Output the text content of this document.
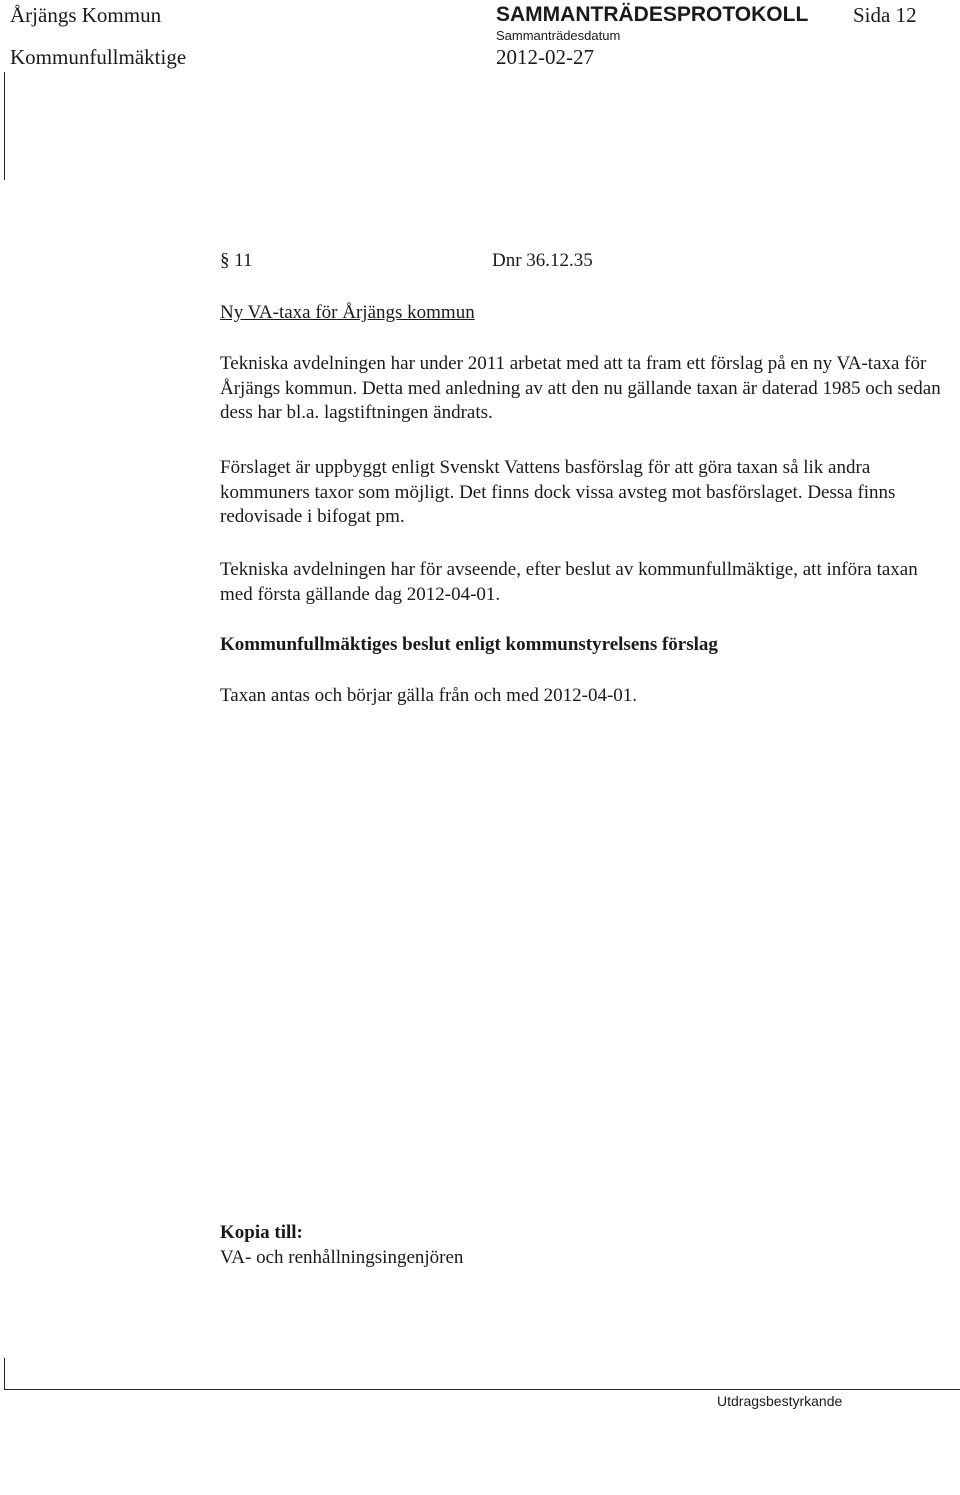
Årjängs Kommun	SAMMANTRÄDESPROTOKOLL Sida 12
Sammanträdesdatum
Kommunfullmäktige	2012-02-27
§ 11	Dnr 36.12.35
Ny VA-taxa för Årjängs kommun

Tekniska avdelningen har under 2011 arbetat med att ta fram ett förslag på en ny VA-taxa för Årjängs kommun. Detta med anledning av att den nu gällande taxan är daterad 1985 och sedan dess har bl.a. lagstiftningen ändrats.

Förslaget är uppbyggt enligt Svenskt Vattens basförslag för att göra taxan så lik andra kommuners taxor som möjligt. Det finns dock vissa avsteg mot basförslaget. Dessa finns redovisade i bifogat pm.

Tekniska avdelningen har för avseende, efter beslut av kommunfullmäktige, att införa taxan med första gällande dag 2012-04-01.

Kommunfullmäktiges beslut enligt kommunstyrelsens förslag
Taxan antas och börjar gälla från och med 2012-04-01.
Kopia till:
VA- och renhållningsingenjören
Utdragsbestyrkande
